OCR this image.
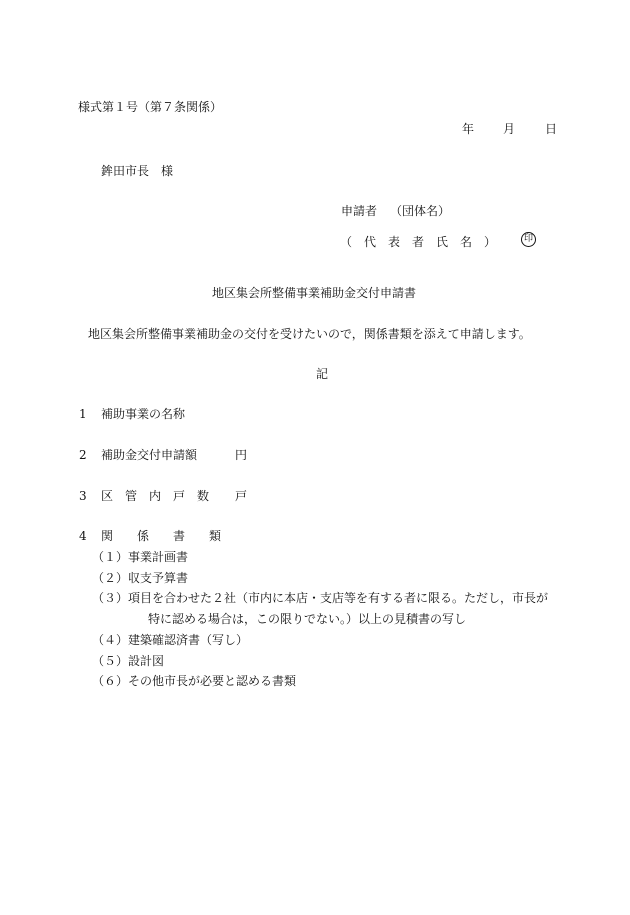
様式第１号（第７条関係）
年 月 日
鉾田市長　様
申請者 （団体名）
（　代　表　者　氏　名　）	印
地区集会所整備事業補助金交付申請書
地区集会所整備事業補助金の交付を受けたいので，関係書類を添えて申請します。
記
1 補助事業の名称
2 補助金交付申請額	円
3 区　管　内　戸　数 戸
4 関　　係　　書　　類
（１）事業計画書
（２）収支予算書
（３）項目を合わせた２社（市内に本店・支店等を有する者に限る。ただし，市長が
特に認める場合は，この限りでない。）以上の見積書の写し
（４）建築確認済書（写し）
（５）設計図
（６）その他市長が必要と認める書類
